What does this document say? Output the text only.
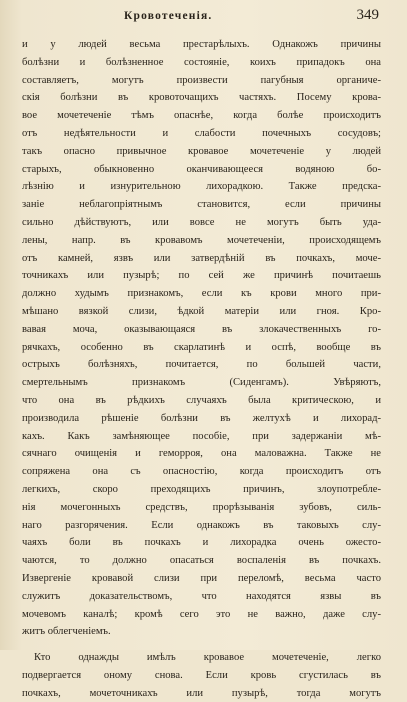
Кровотеченiя.	349
и у людей весьма престарѣлыхъ. Однакожъ причины
болѣзни и болѣзненное состоянiе, коихъ припадокъ она
составляетъ, могутъ произвести пагубныя органиче-
скiя болѣзни въ кровоточащихъ частяхъ. Посему крова-
вое мочетеченiе тѣмъ опаснѣе, когда болѣе происходитъ
отъ недѣятельности и слабости почечныхъ сосудовъ;
такъ опасно привычное кровавое мочетеченiе у людей
старыхъ, обыкновенно оканчивающееся водяною бо-
лѣзнiю и изнурительною лихорадкою. Также предска-
занiе неблагопрiятнымъ становится, если причины
сильно дѣйствуютъ, или вовсе не могутъ быть уда-
лены, напр. въ кровавомъ мочетеченiи, происходящемъ
отъ камней, язвъ или затвердѣнiй въ почкахъ, моче-
точникахъ или пузырѣ; по сей же причинѣ почитаешь
должно худымъ признакомъ, если къ крови много при-
мѣшано вязкой слизи, ѣдкой матерiи или гноя. Кро-
вавая моча, оказывающаяся въ злокачественныхъ го-
рячкахъ, особенно въ скарлатинѣ и оспѣ, вообще въ
острыхъ болѣзняхъ, почитается, по большей части,
смертельнымъ признакомъ (Сиденгамъ). Увѣряютъ,
что она въ рѣдкихъ случаяхъ была критическою, и
производила рѣшенiе болѣзни въ желтухѣ и лихорад-
кахъ. Какъ замѣняющее пособiе, при задержанiи мѣ-
сячнаго очищенiя и геморроя, она маловажна. Также не
сопряжена она съ опасностiю, когда происходитъ отъ
легкихъ, скоро преходящихъ причинъ, злоупотребле-
нiя мочегонныхъ средствъ, прорѣзыванiя зубовъ, силь-
наго разгорячения. Если однакожъ въ таковыхъ слу-
чаяхъ боли въ почкахъ и лихорадка очень ожесто-
чаются, то должно опасаться воспаленiя въ почкахъ.
Извергенiе кровавой слизи при переломѣ, весьма часто
служитъ доказательствомъ, что находятся язвы въ
мочевомъ каналѣ; кромѣ сего это не важно, даже слу-
житъ облегченiемъ.
Кто однажды имѣлъ кровавое мочетеченiе, легко
подвергается оному снова. Если кровь сгустилась въ
почкахъ, мочеточникахъ или пузырѣ, тогда могутъ
